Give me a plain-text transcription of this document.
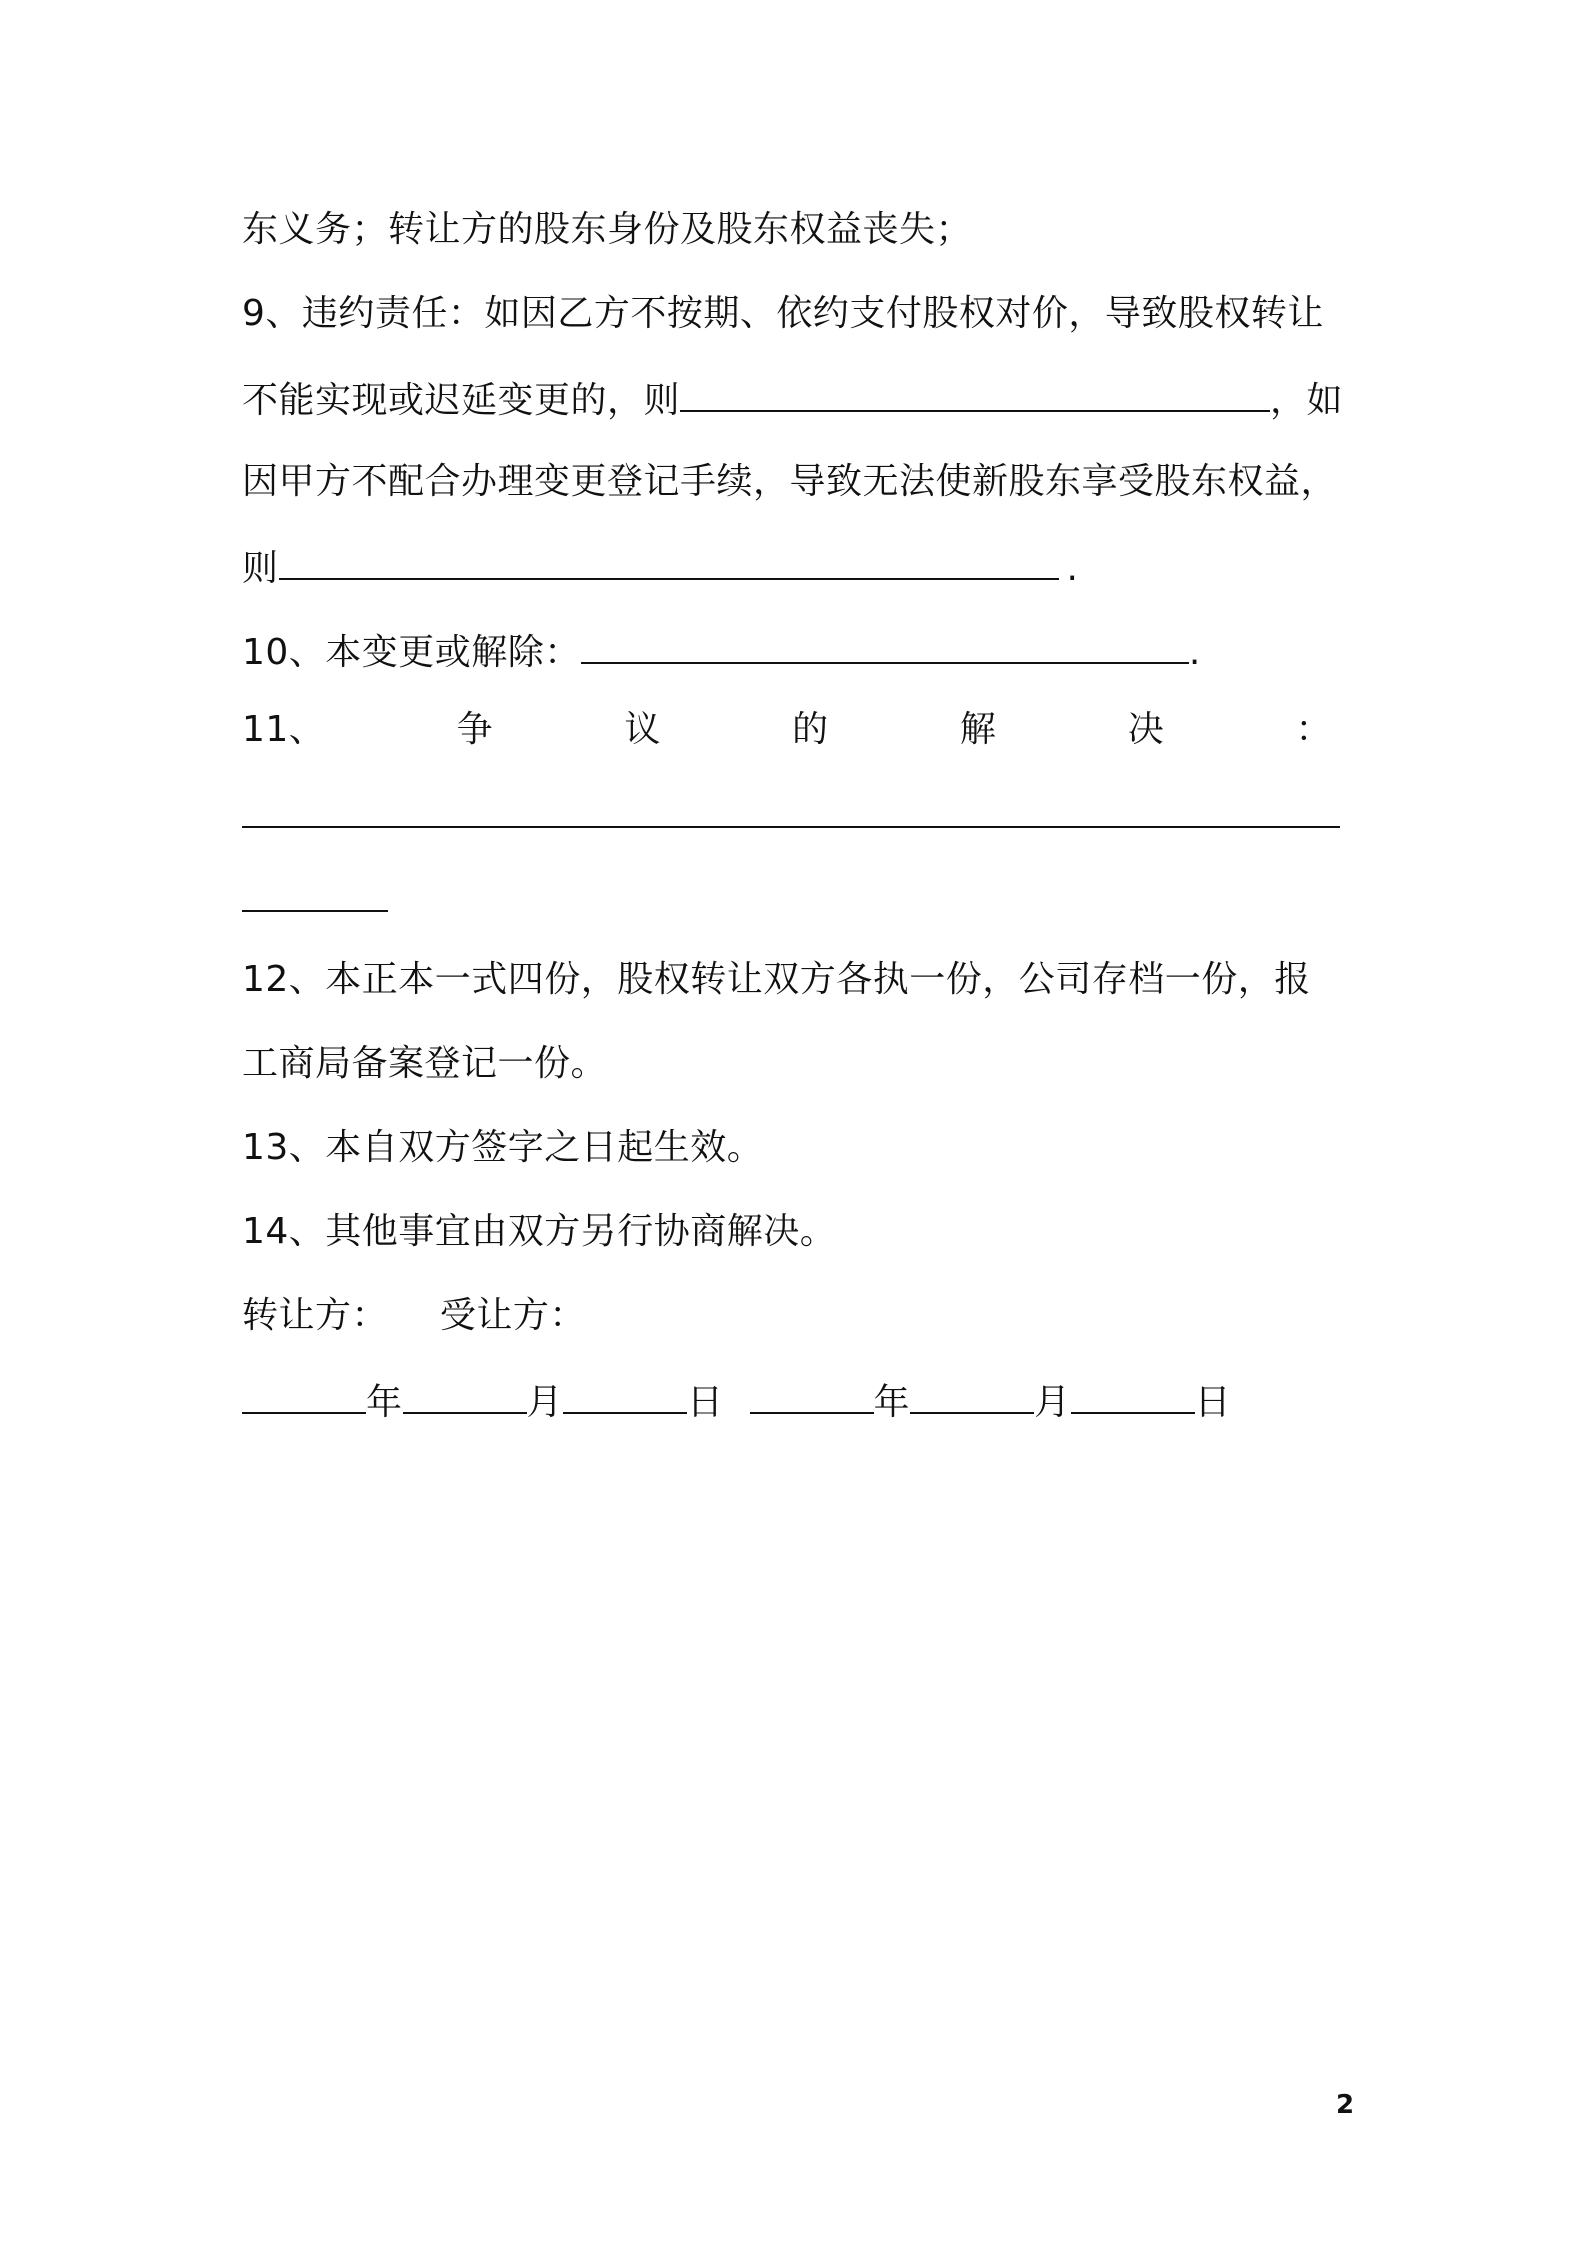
东义务；转让方的股东身份及股东权益丧失；
9、违约责任：如因乙方不按期、依约支付股权对价，导致股权转让
不能实现或迟延变更的，则	，如
因甲方不配合办理变更登记手续，导致无法使新股东享受股东权益，
则	.
10、本变更或解除：	.
11、	争	议	的	解	决	：
12、本正本一式四份，股权转让双方各执一份，公司存档一份，报
工商局备案登记一份。
13、本自双方签字之日起生效。
14、其他事宜由双方另行协商解决。
转让方： 受让方：
年	月	日	年	月	日
2
